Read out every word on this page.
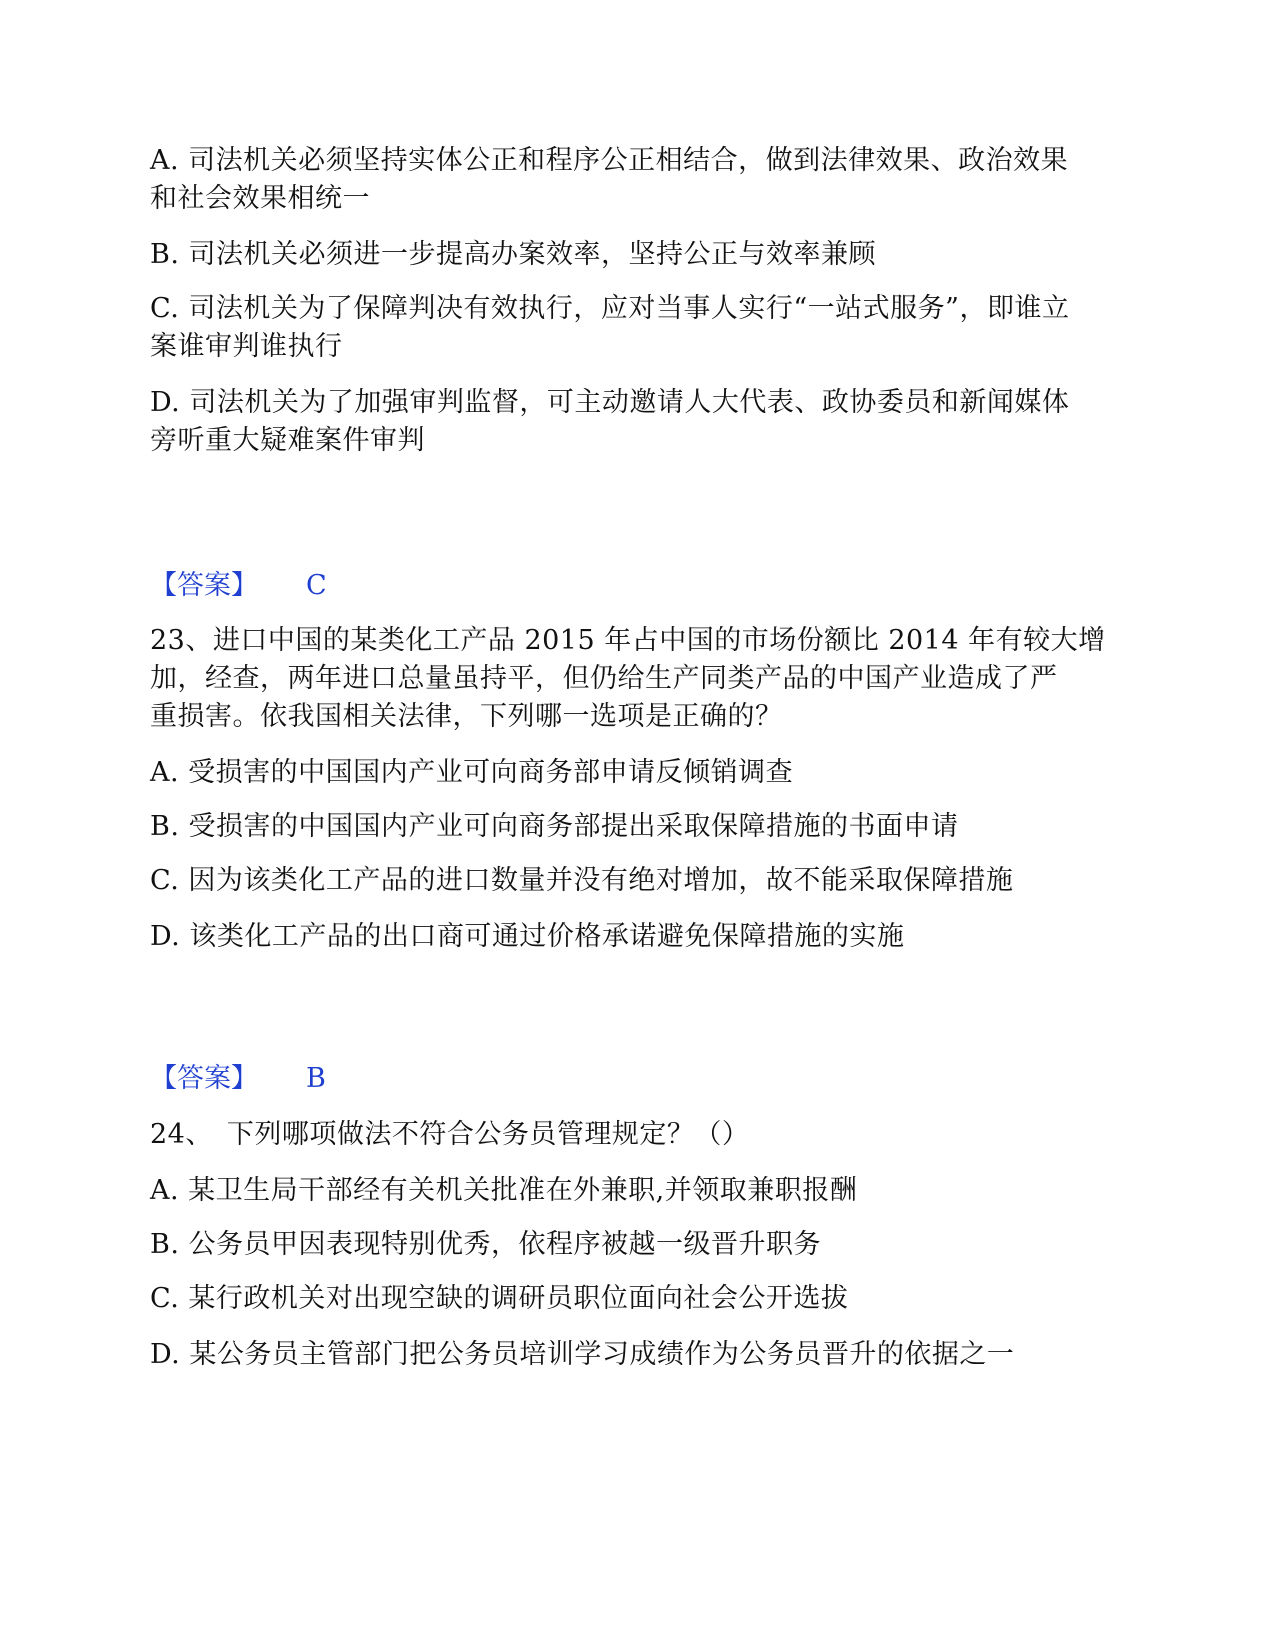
A. 司法机关必须坚持实体公正和程序公正相结合，做到法律效果、政治效果
和社会效果相统一
B. 司法机关必须进一步提高办案效率，坚持公正与效率兼顾
C. 司法机关为了保障判决有效执行，应对当事人实行“一站式服务”，即谁立
案谁审判谁执行
D. 司法机关为了加强审判监督，可主动邀请人大代表、政协委员和新闻媒体
旁听重大疑难案件审判
【答案】 C
23、进口中国的某类化工产品 2015 年占中国的市场份额比 2014 年有较大增
加，经查，两年进口总量虽持平，但仍给生产同类产品的中国产业造成了严
重损害。依我国相关法律，下列哪一选项是正确的？
A. 受损害的中国国内产业可向商务部申请反倾销调查
B. 受损害的中国国内产业可向商务部提出采取保障措施的书面申请
C. 因为该类化工产品的进口数量并没有绝对增加，故不能采取保障措施
D. 该类化工产品的出口商可通过价格承诺避免保障措施的实施
【答案】 B
24、　下列哪项做法不符合公务员管理规定？（）
A. 某卫生局干部经有关机关批准在外兼职,并领取兼职报酬
B. 公务员甲因表现特别优秀，依程序被越一级晋升职务
C. 某行政机关对出现空缺的调研员职位面向社会公开选拔
D. 某公务员主管部门把公务员培训学习成绩作为公务员晋升的依据之一
